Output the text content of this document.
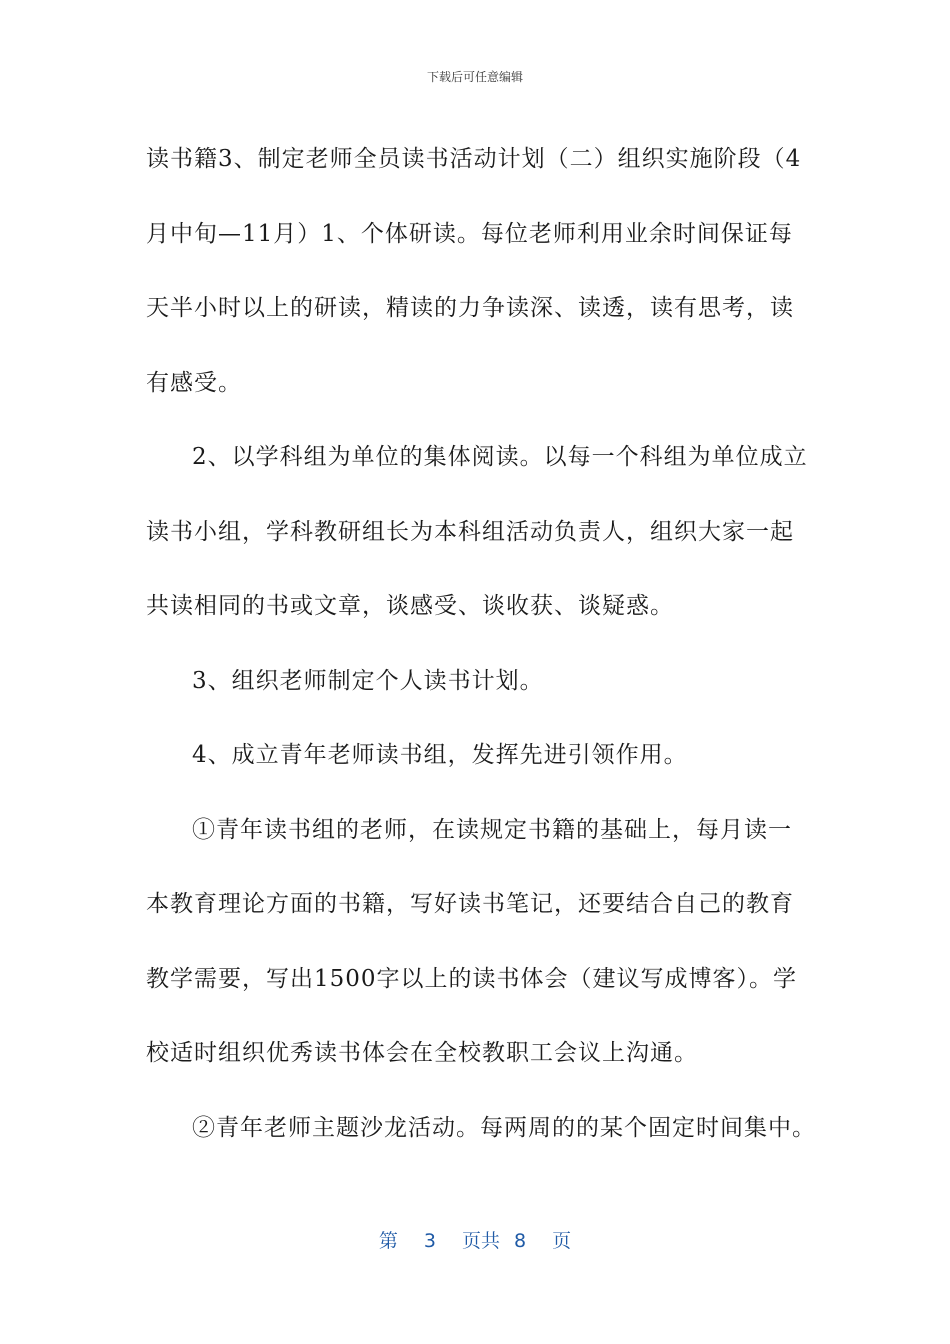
下载后可任意编辑

读书籍3、制定老师全员读书活动计划（二）组织实施阶段（4
月中旬—11月）1、个体研读。每位老师利用业余时间保证每
天半小时以上的研读，精读的力争读深、读透，读有思考，读
有感受。

2、以学科组为单位的集体阅读。以每一个科组为单位成立
读书小组，学科教研组长为本科组活动负责人，组织大家一起
共读相同的书或文章，谈感受、谈收获、谈疑惑。

3、组织老师制定个人读书计划。

4、成立青年老师读书组，发挥先进引领作用。

①青年读书组的老师，在读规定书籍的基础上，每月读一
本教育理论方面的书籍，写好读书笔记，还要结合自己的教育
教学需要，写出1500字以上的读书体会（建议写成博客）。学
校适时组织优秀读书体会在全校教职工会议上沟通。

②青年老师主题沙龙活动。每两周的的某个固定时间集中。

第 3 页共 8 页
